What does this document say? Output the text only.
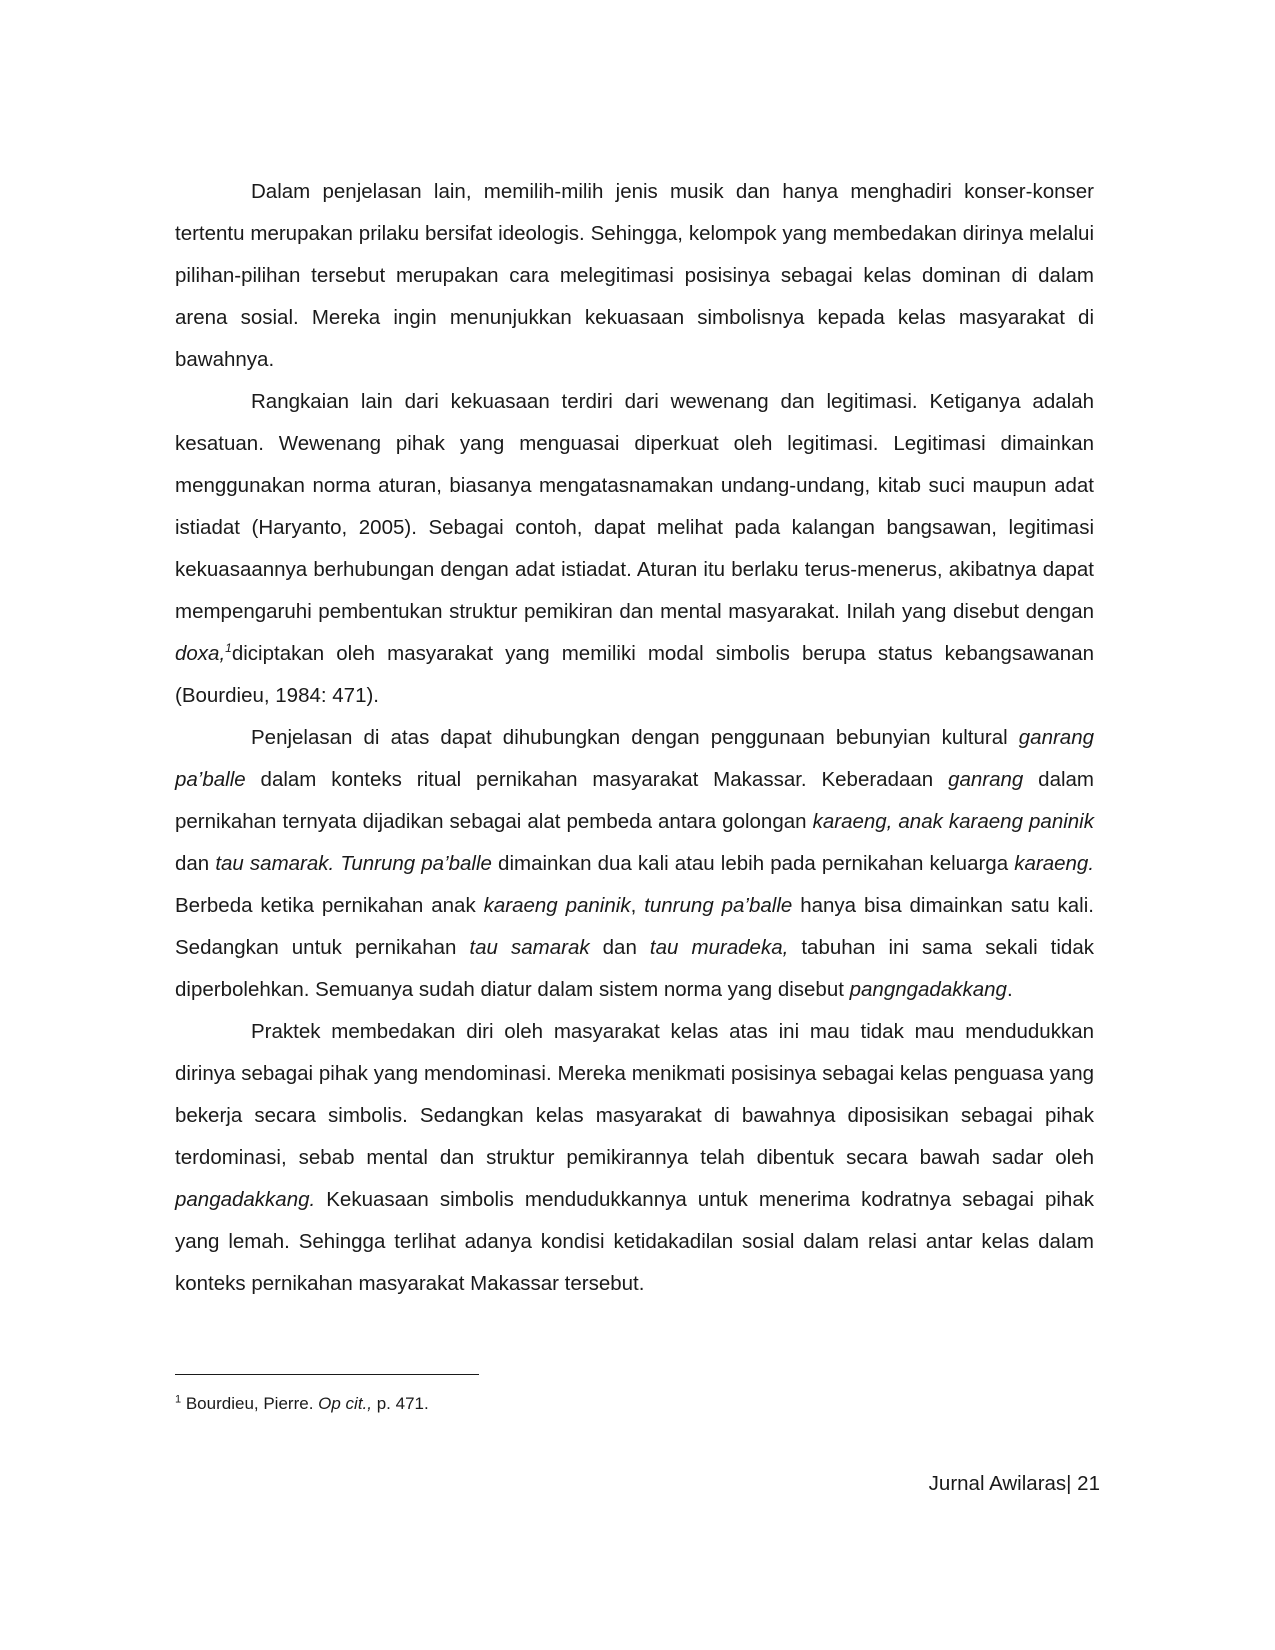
Dalam penjelasan lain, memilih-milih jenis musik dan hanya menghadiri konser-konser tertentu merupakan prilaku bersifat ideologis. Sehingga, kelompok yang membedakan dirinya melalui pilihan-pilihan tersebut merupakan cara melegitimasi posisinya sebagai kelas dominan di dalam arena sosial. Mereka ingin menunjukkan kekuasaan simbolisnya kepada kelas masyarakat di bawahnya.

Rangkaian lain dari kekuasaan terdiri dari wewenang dan legitimasi. Ketiganya adalah kesatuan. Wewenang pihak yang menguasai diperkuat oleh legitimasi. Legitimasi dimainkan menggunakan norma aturan, biasanya mengatasnamakan undang-undang, kitab suci maupun adat istiadat (Haryanto, 2005). Sebagai contoh, dapat melihat pada kalangan bangsawan, legitimasi kekuasaannya berhubungan dengan adat istiadat. Aturan itu berlaku terus-menerus, akibatnya dapat mempengaruhi pembentukan struktur pemikiran dan mental masyarakat. Inilah yang disebut dengan doxa,$^1$diciptakan oleh masyarakat yang memiliki modal simbolis berupa status kebangsawanan (Bourdieu, 1984: 471).

Penjelasan di atas dapat dihubungkan dengan penggunaan bebunyian kultural ganrang pa’balle dalam konteks ritual pernikahan masyarakat Makassar. Keberadaan ganrang dalam pernikahan ternyata dijadikan sebagai alat pembeda antara golongan karaeng, anak karaeng paninik dan tau samarak. Tunrung pa’balle dimainkan dua kali atau lebih pada pernikahan keluarga karaeng. Berbeda ketika pernikahan anak karaeng paninik, tunrung pa’balle hanya bisa dimainkan satu kali. Sedangkan untuk pernikahan tau samarak dan tau muradeka, tabuhan ini sama sekali tidak diperbolehkan. Semuanya sudah diatur dalam sistem norma yang disebut pangngadakkang.

Praktek membedakan diri oleh masyarakat kelas atas ini mau tidak mau mendudukkan dirinya sebagai pihak yang mendominasi. Mereka menikmati posisinya sebagai kelas penguasa yang bekerja secara simbolis. Sedangkan kelas masyarakat di bawahnya diposisikan sebagai pihak terdominasi, sebab mental dan struktur pemikirannya telah dibentuk secara bawah sadar oleh pangadakkang. Kekuasaan simbolis mendudukkannya untuk menerima kodratnya sebagai pihak yang lemah. Sehingga terlihat adanya kondisi ketidakadilan sosial dalam relasi antar kelas dalam konteks pernikahan masyarakat Makassar tersebut.

$^1$ Bourdieu, Pierre. Op cit., p. 471.

Jurnal Awilaras| 21
